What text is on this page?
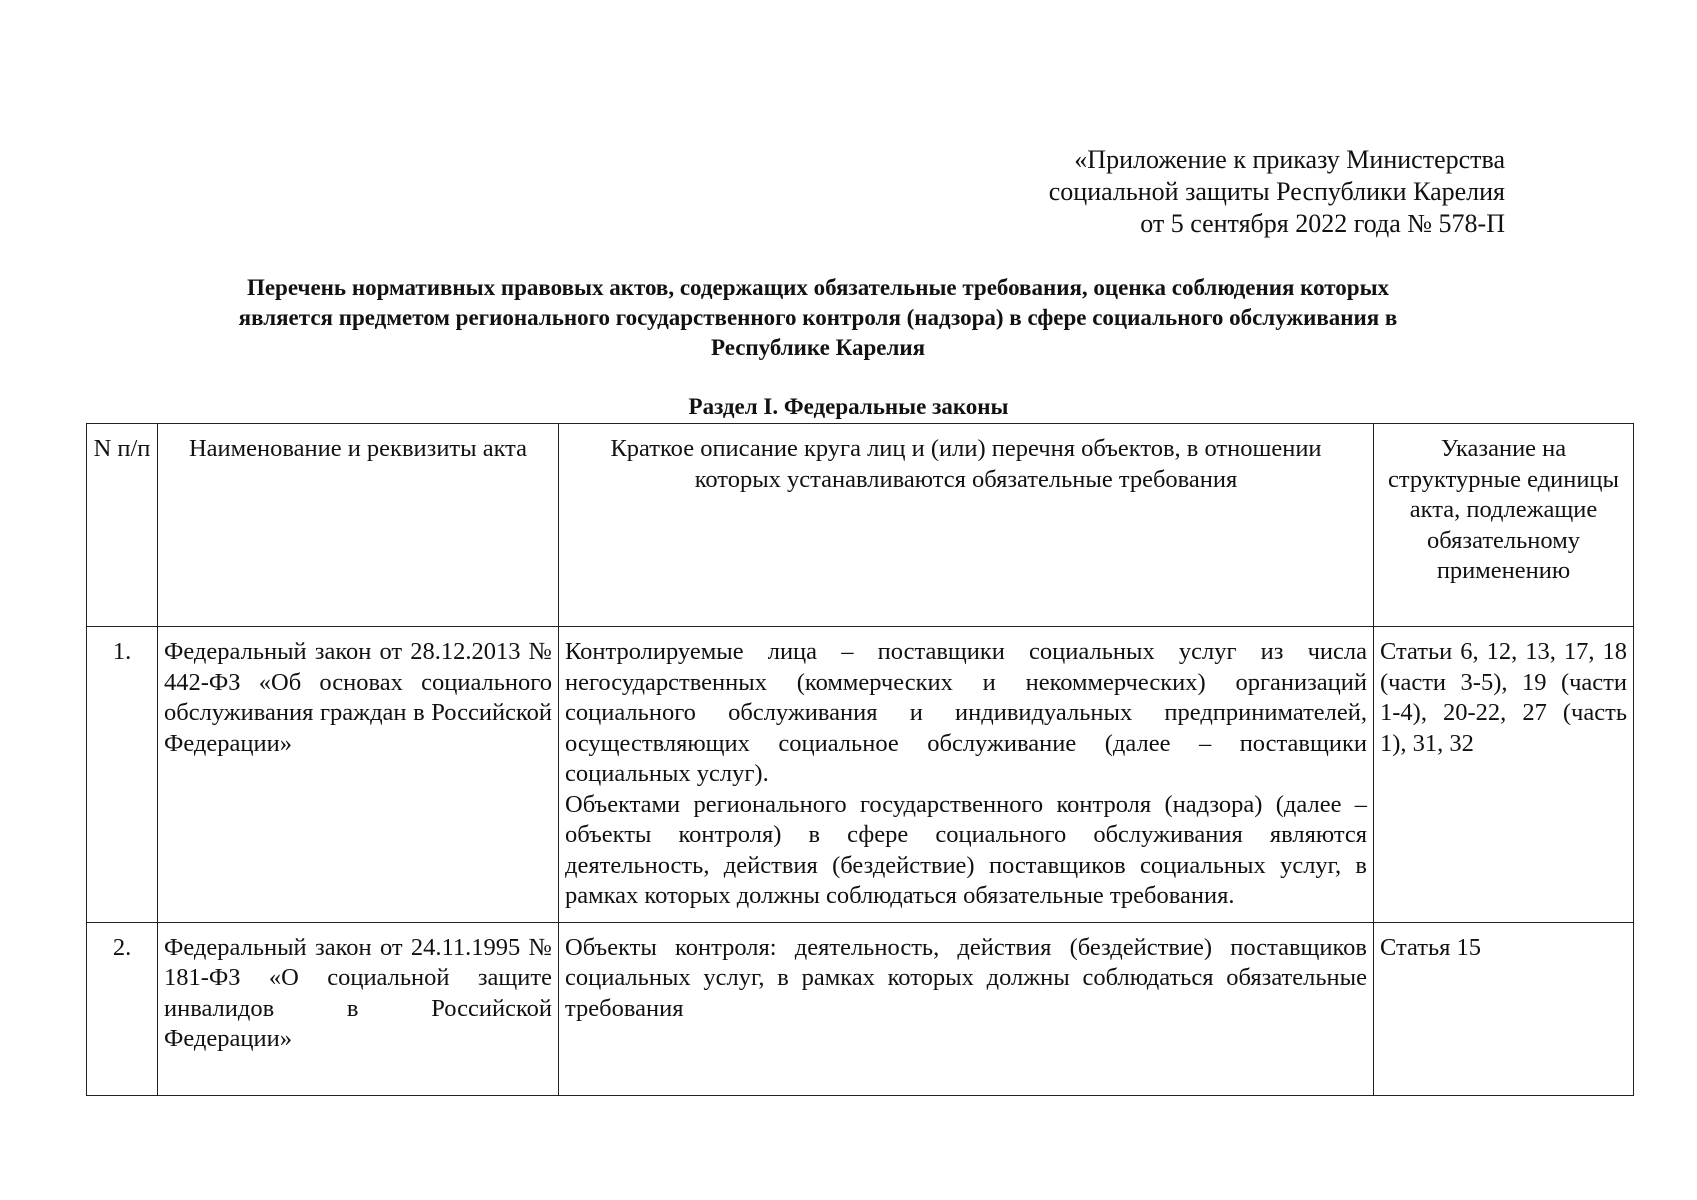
«Приложение к приказу Министерства
социальной защиты Республики Карелия
от 5 сентября 2022 года № 578-П
Перечень нормативных правовых актов, содержащих обязательные требования, оценка соблюдения которых
является предметом регионального государственного контроля (надзора) в сфере социального обслуживания в
Республике Карелия
Раздел I. Федеральные законы
N п/п	Наименование и реквизиты акта	Краткое описание круга лиц и (или) перечня объектов, в отношении которых устанавливаются обязательные требования	Указание на структурные единицы акта, подлежащие обязательному применению
1.	Федеральный закон от 28.12.2013 № 442-ФЗ «Об основах социального обслуживания граждан в Российской Федерации»	Контролируемые лица – поставщики социальных услуг из числа негосударственных (коммерческих и некоммерческих) организаций социального обслуживания и индивидуальных предпринимателей, осуществляющих социальное обслуживание (далее – поставщики социальных услуг).

Объектами регионального государственного контроля (надзора) (далее – объекты контроля) в сфере социального обслуживания являются деятельность, действия (бездействие) поставщиков социальных услуг, в рамках которых должны соблюдаться обязательные требования.	Статьи 6, 12, 13, 17, 18 (части 3-5), 19 (части 1-4), 20-22, 27 (часть 1), 31, 32
2.	Федеральный закон от 24.11.1995 № 181-ФЗ «О социальной защите инвалидов в Российской Федерации»	Объекты контроля: деятельность, действия (бездействие) поставщиков социальных услуг, в рамках которых должны соблюдаться обязательные требования	Статья 15
